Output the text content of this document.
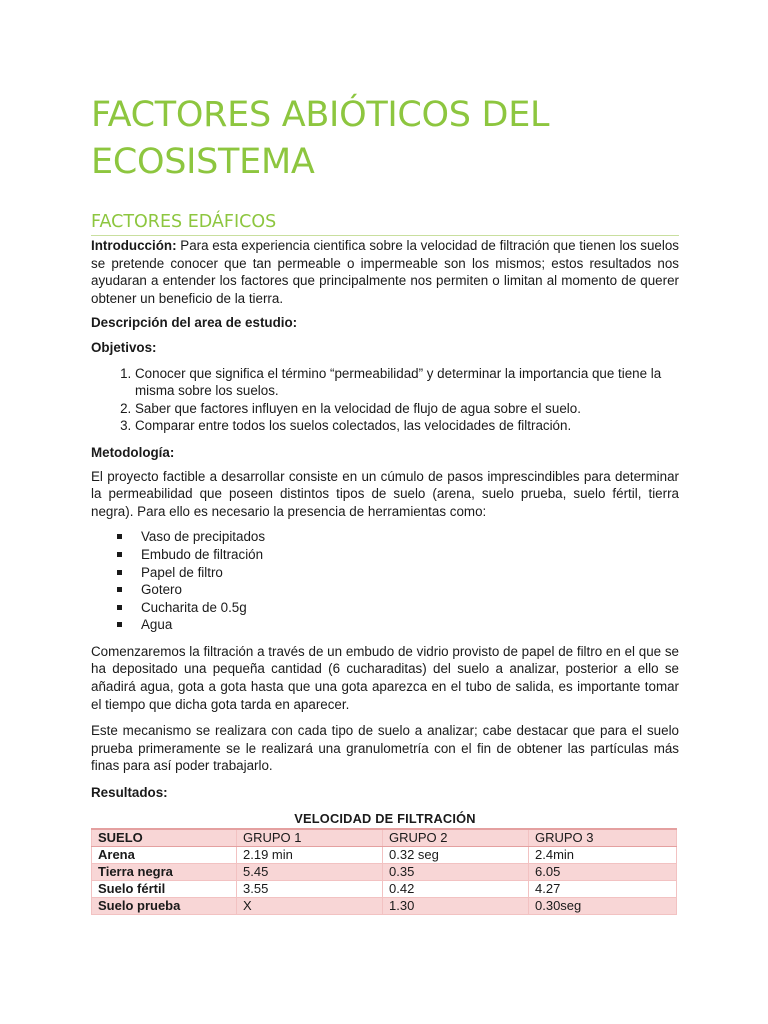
FACTORES ABIÓTICOS DEL
ECOSISTEMA
FACTORES EDÁFICOS

Introducción: Para esta experiencia cientifica sobre la velocidad de filtración que tienen los suelos se pretende conocer que tan permeable o impermeable son los mismos; estos resultados nos ayudaran a entender los factores que principalmente nos permiten o limitan al momento de querer obtener un beneficio de la tierra.

Descripción del area de estudio:

Objetivos:

1. Conocer que significa el término “permeabilidad” y determinar la importancia que tiene la misma sobre los suelos.
2. Saber que factores influyen en la velocidad de flujo de agua sobre el suelo.
3. Comparar entre todos los suelos colectados, las velocidades de filtración.

Metodología:

El proyecto factible a desarrollar consiste en un cúmulo de pasos imprescindibles para determinar la permeabilidad que poseen distintos tipos de suelo (arena, suelo prueba, suelo fértil, tierra negra). Para ello es necesario la presencia de herramientas como:

Vaso de precipitados
Embudo de filtración
Papel de filtro
Gotero
Cucharita de 0.5g
Agua

Comenzaremos la filtración a través de un embudo de vidrio provisto de papel de filtro en el que se ha depositado una pequeña cantidad (6 cucharaditas) del suelo a analizar, posterior a ello se añadirá agua, gota a gota hasta que una gota aparezca en el tubo de salida, es importante tomar el tiempo que dicha gota tarda en aparecer.

Este mecanismo se realizara con cada tipo de suelo a analizar; cabe destacar que para el suelo prueba primeramente se le realizará una granulometría con el fin de obtener las partículas más finas para así poder trabajarlo.

Resultados:

VELOCIDAD DE FILTRACIÓN
SUELO	GRUPO 1	GRUPO 2	GRUPO 3
Arena	2.19 min	0.32 seg	2.4min
Tierra negra	5.45	0.35	6.05
Suelo fértil	3.55	0.42	4.27
Suelo prueba	X	1.30	0.30seg
